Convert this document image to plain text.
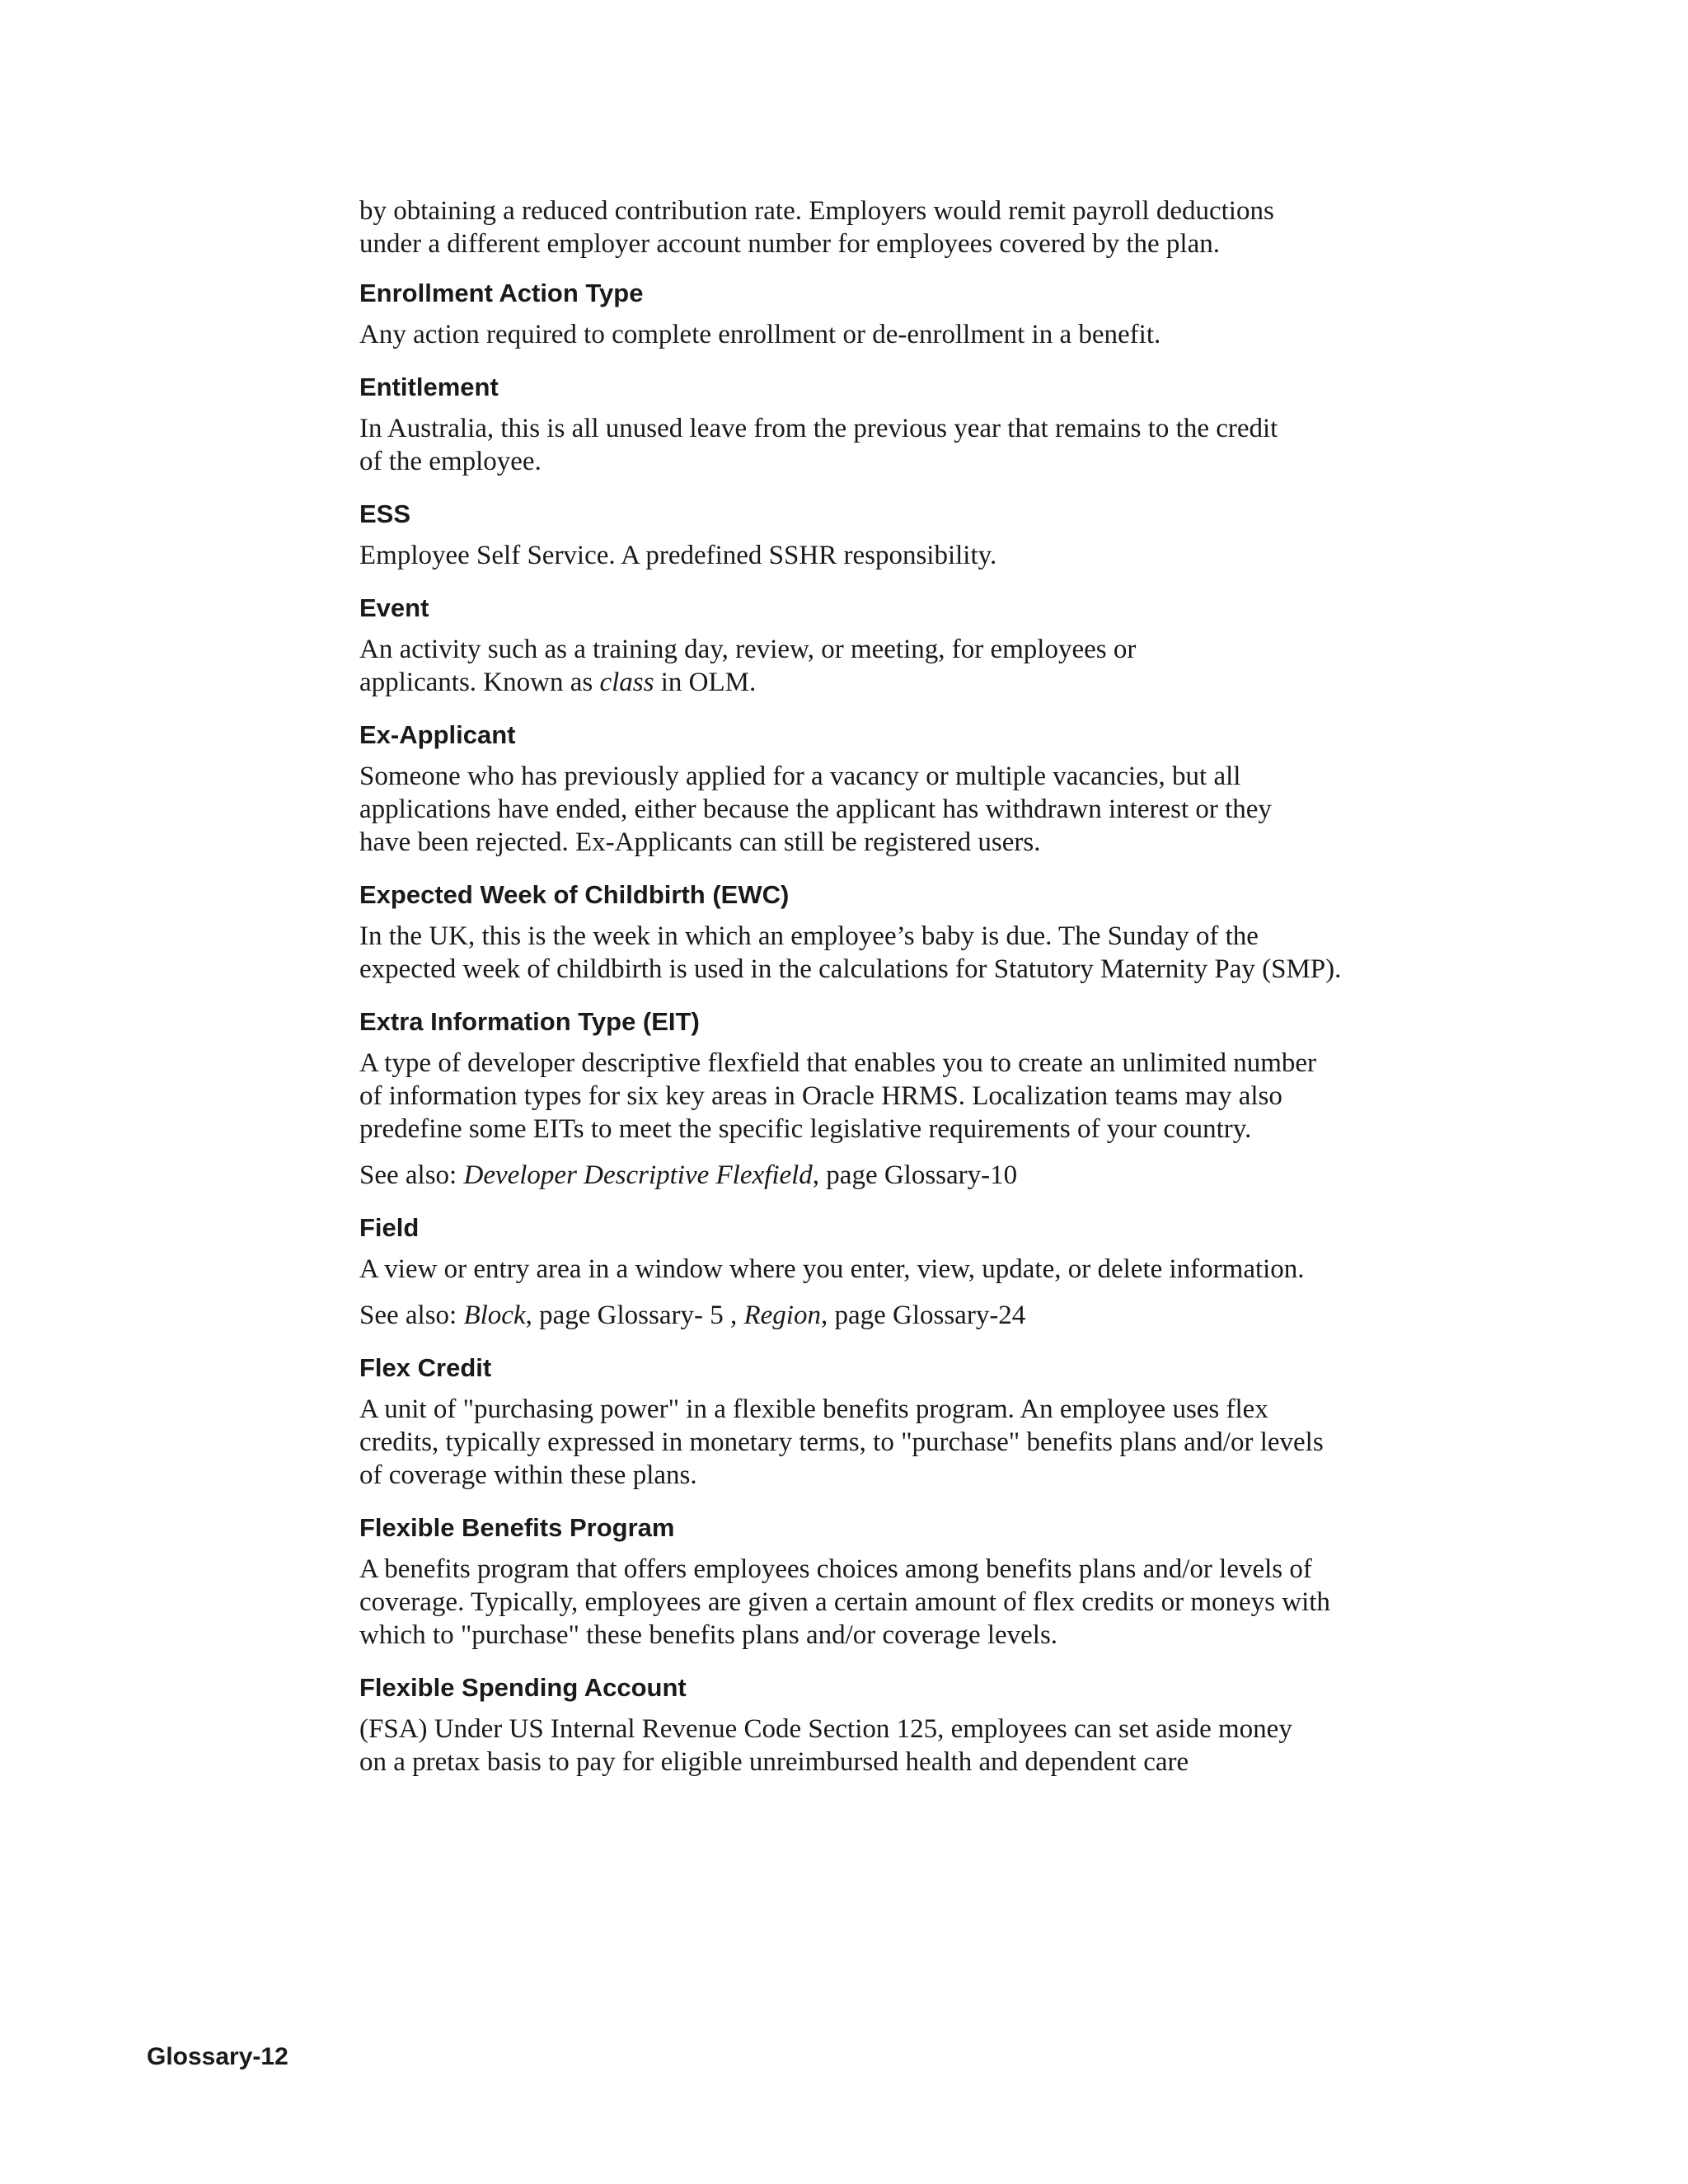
by obtaining a reduced contribution rate. Employers would remit payroll deductions
under a different employer account number for employees covered by the plan.

Enrollment Action Type

Any action required to complete enrollment or de-enrollment in a benefit.

Entitlement

In Australia, this is all unused leave from the previous year that remains to the credit
of the employee.

ESS

Employee Self Service. A predefined SSHR responsibility.

Event

An activity such as a training day, review, or meeting, for employees or
applicants. Known as class in OLM.

Ex-Applicant

Someone who has previously applied for a vacancy or multiple vacancies, but all
applications have ended, either because the applicant has withdrawn interest or they
have been rejected. Ex-Applicants can still be registered users.

Expected Week of Childbirth (EWC)

In the UK, this is the week in which an employee’s baby is due. The Sunday of the
expected week of childbirth is used in the calculations for Statutory Maternity Pay (SMP).

Extra Information Type (EIT)

A type of developer descriptive flexfield that enables you to create an unlimited number
of information types for six key areas in Oracle HRMS. Localization teams may also
predefine some EITs to meet the specific legislative requirements of your country.

See also: Developer Descriptive Flexfield, page Glossary-10

Field

A view or entry area in a window where you enter, view, update, or delete information.

See also: Block, page Glossary- 5 , Region, page Glossary-24

Flex Credit

A unit of "purchasing power" in a flexible benefits program. An employee uses flex
credits, typically expressed in monetary terms, to "purchase" benefits plans and/or levels
of coverage within these plans.

Flexible Benefits Program

A benefits program that offers employees choices among benefits plans and/or levels of
coverage. Typically, employees are given a certain amount of flex credits or moneys with
which to "purchase" these benefits plans and/or coverage levels.

Flexible Spending Account

(FSA) Under US Internal Revenue Code Section 125, employees can set aside money
on a pretax basis to pay for eligible unreimbursed health and dependent care

Glossary-12
